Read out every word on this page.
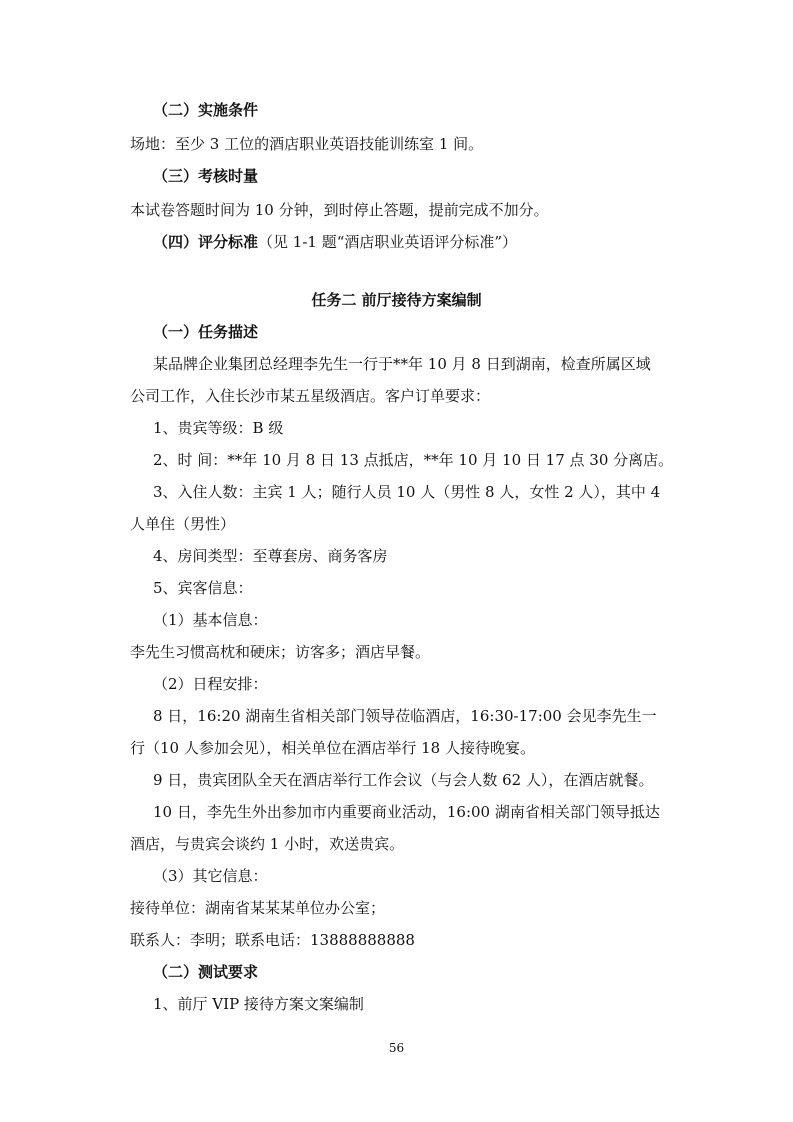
（二）实施条件
场地：至少 3 工位的酒店职业英语技能训练室 1 间。
（三）考核时量
本试卷答题时间为 10 分钟，到时停止答题，提前完成不加分。
（四）评分标准（见 1-1 题“酒店职业英语评分标准”）
任务二 前厅接待方案编制
（一）任务描述
某品牌企业集团总经理李先生一行于**年 10 月 8 日到湖南，检查所属区域
公司工作，入住长沙市某五星级酒店。客户订单要求：
1、贵宾等级：B 级
2、时 间：**年 10 月 8 日 13 点抵店，**年 10 月 10 日 17 点 30 分离店。
3、入住人数：主宾 1 人；随行人员 10 人（男性 8 人，女性 2 人），其中 4
人单住（男性）
4、房间类型：至尊套房、商务客房
5、宾客信息：
（1）基本信息：
李先生习惯高枕和硬床；访客多；酒店早餐。
（2）日程安排：
8 日，16:20 湖南生省相关部门领导莅临酒店，16:30-17:00 会见李先生一
行（10 人参加会见），相关单位在酒店举行 18 人接待晚宴。
9 日，贵宾团队全天在酒店举行工作会议（与会人数 62 人），在酒店就餐。
10 日，李先生外出参加市内重要商业活动，16:00 湖南省相关部门领导抵达
酒店，与贵宾会谈约 1 小时，欢送贵宾。
（3）其它信息：
接待单位：湖南省某某某单位办公室；
联系人：李明；联系电话：13888888888
（二）测试要求
1、前厅 VIP 接待方案文案编制
56
